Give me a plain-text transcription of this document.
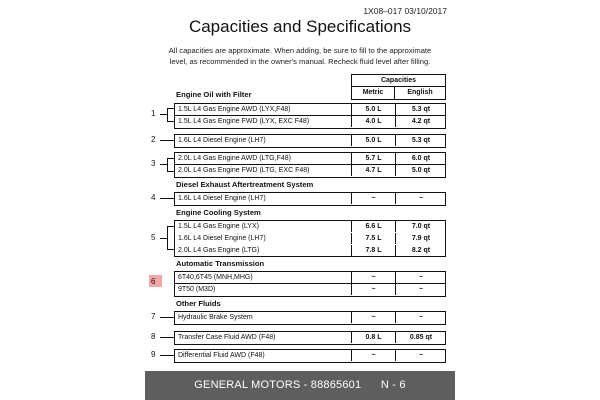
1X08–017 03/10/2017
Capacities and Specifications
All capacities are approximate. When adding, be sure to fill to the approximate
level, as recommended in the owner's manual. Recheck fluid level after filling.
Capacities
Metric	English
Engine Oil with Filter
1.5L L4 Gas Engine AWD (LYX,F48)	5.0 L	5.3 qt
1.5L L4 Gas Engine FWD (LYX, EXC F48)	4.0 L	4.2 qt
1.6L L4 Diesel Engine (LH7)	5.0 L	5.3 qt
2.0L L4 Gas Engine AWD (LTG,F48)	5.7 L	6.0 qt
2.0L L4 Gas Engine FWD (LTG, EXC F48)	4.7 L	5.0 qt
Diesel Exhaust Aftertreatment System
1.6L L4 Diesel Engine (LH7)	~	~
Engine Cooling System
1.5L L4 Gas Engine (LYX)	6.6 L	7.0 qt
1.6L L4 Diesel Engine (LH7)	7.5 L	7.9 qt
2.0L L4 Gas Engine (LTG)	7.8 L	8.2 qt
Automatic Transmission
6T40,6T45 (MNH,MHG)	~	~
9T50 (M3D)	~	~
Other Fluids
Hydraulic Brake System	~	~
Transfer Case Fluid AWD (F48)	0.8 L	0.85 qt
Differential Fluid AWD (F48)	~	~
1
2
3
4
5
6
7
8
9
GENERAL MOTORS - 88865601      N - 6
